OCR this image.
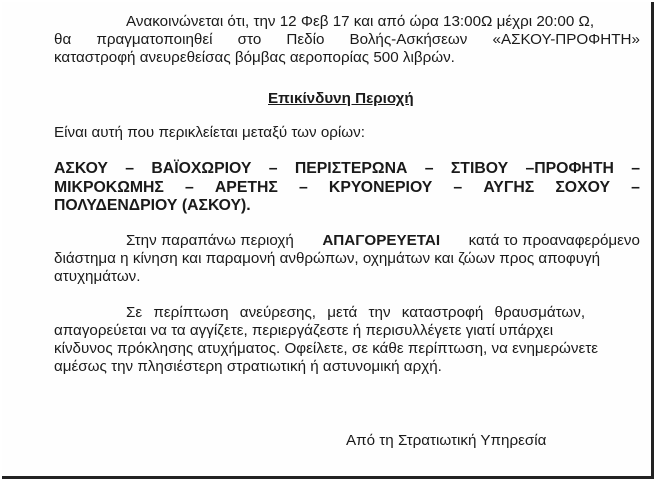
Ανακοινώνεται ότι, την 12 Φεβ 17 και από ώρα 13:00Ω μέχρι 20:00 Ω,
θα πραγματοποιηθεί στο Πεδίο Βολής-Ασκήσεων «ΑΣΚΟΥ-ΠΡΟΦΗΤΗ»
καταστροφή ανευρεθείσας βόμβας αεροπορίας 500 λιβρών.
Επικίνδυνη Περιοχή
Είναι αυτή που περικλείεται μεταξύ των ορίων:
ΑΣΚΟΥ – ΒΑΪΟΧΩΡΙΟΥ – ΠΕΡΙΣΤΕΡΩΝΑ – ΣΤΙΒΟΥ –ΠΡΟΦΗΤΗ –
ΜΙΚΡΟΚΩΜΗΣ – ΑΡΕΤΗΣ – ΚΡΥΟΝΕΡΙΟΥ – ΑΥΓΗΣ ΣΟΧΟΥ –
ΠΟΛΥΔΕΝΔΡΙΟΥ (ΑΣΚΟΥ).
Στην παραπάνω περιοχή ΑΠΑΓΟΡΕΥΕΤΑΙ κατά το προαναφερόμενο
διάστημα η κίνηση και παραμονή ανθρώπων, οχημάτων και ζώων προς αποφυγή
ατυχημάτων.
Σε περίπτωση ανεύρεσης, μετά την καταστροφή θραυσμάτων,
απαγορεύεται να τα αγγίζετε, περιεργάζεστε ή περισυλλέγετε γιατί υπάρχει
κίνδυνος πρόκλησης ατυχήματος. Οφείλετε, σε κάθε περίπτωση, να ενημερώνετε
αμέσως την πλησιέστερη στρατιωτική ή αστυνομική αρχή.
Από τη Στρατιωτική Υπηρεσία
